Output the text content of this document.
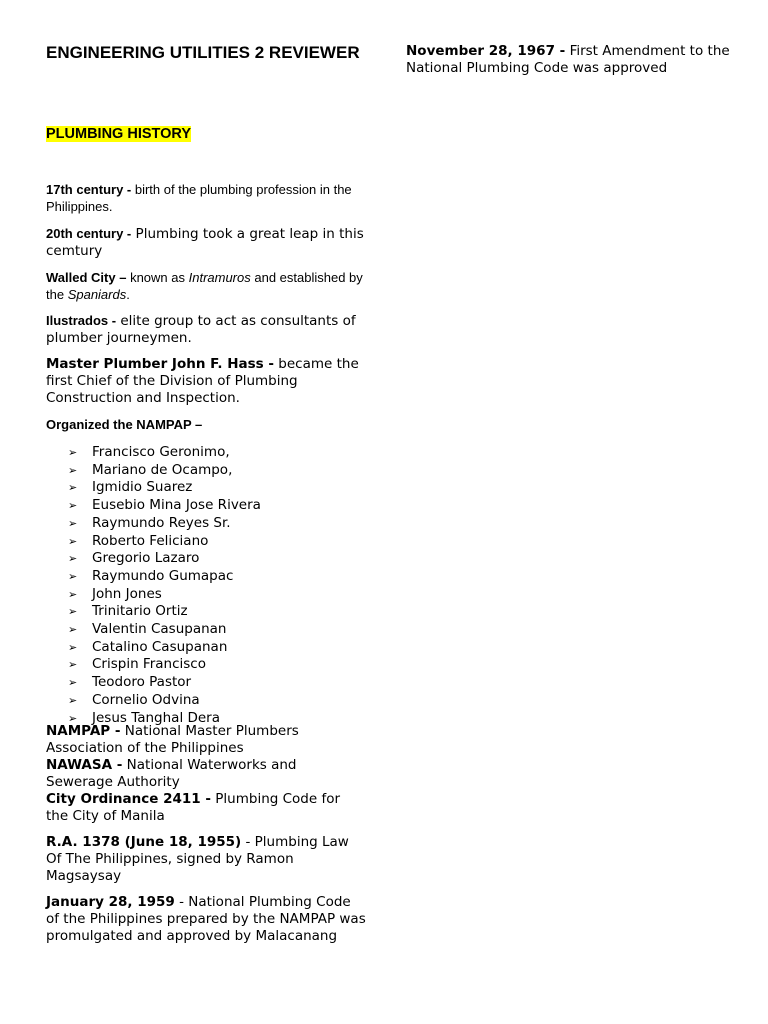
ENGINEERING UTILITIES 2 REVIEWER
PLUMBING HISTORY
17th century - birth of the plumbing profession in the Philippines.
20th century - Plumbing took a great leap in this cemtury
Walled City – known as Intramuros and established by the Spaniards.
Ilustrados - elite group to act as consultants of plumber journeymen.
Master Plumber John F. Hass - became the first Chief of the Division of Plumbing Construction and Inspection.
Organized the NAMPAP –
➢ Francisco Geronimo,
➢ Mariano de Ocampo,
➢ Igmidio Suarez
➢ Eusebio Mina Jose Rivera
➢ Raymundo Reyes Sr.
➢ Roberto Feliciano
➢ Gregorio Lazaro
➢ Raymundo Gumapac
➢ John Jones
➢ Trinitario Ortiz
➢ Valentin Casupanan
➢ Catalino Casupanan
➢ Crispin Francisco
➢ Teodoro Pastor
➢ Cornelio Odvina
➢ Jesus Tanghal Dera
NAMPAP - National Master Plumbers Association of the Philippines
NAWASA - National Waterworks and Sewerage Authority
City Ordinance 2411 - Plumbing Code for the City of Manila
R.A. 1378 (June 18, 1955) - Plumbing Law Of The Philippines, signed by Ramon Magsaysay
January 28, 1959 - National Plumbing Code of the Philippines prepared by the NAMPAP was promulgated and approved by Malacanang
November 28, 1967 - First Amendment to the National Plumbing Code was approved
